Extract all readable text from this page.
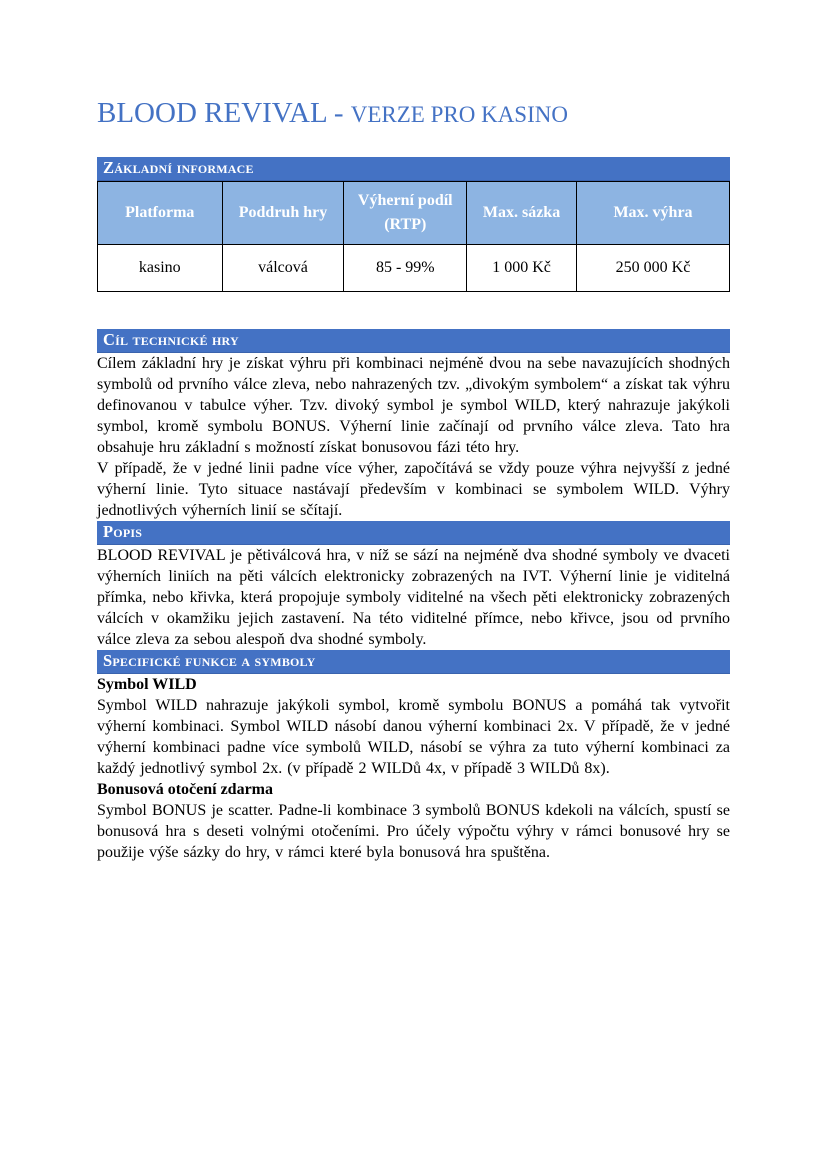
BLOOD REVIVAL - VERZE PRO KASINO
Základní informace
Platforma	Poddruh hry	Výherní podíl (RTP)	Max. sázka	Max. výhra
kasino	válcová	85 - 99%	1 000 Kč	250 000 Kč
Cíl technické hry

Cílem základní hry je získat výhru při kombinaci nejméně dvou na sebe navazujících shodných symbolů od prvního válce zleva, nebo nahrazených tzv. „divokým symbolem“ a získat tak výhru definovanou v tabulce výher. Tzv. divoký symbol je symbol WILD, který nahrazuje jakýkoli symbol, kromě symbolu BONUS. Výherní linie začínají od prvního válce zleva. Tato hra obsahuje hru základní s možností získat bonusovou fázi této hry.

V případě, že v jedné linii padne více výher, započítává se vždy pouze výhra nejvyšší z jedné výherní linie. Tyto situace nastávají především v kombinaci se symbolem WILD. Výhry jednotlivých výherních linií se sčítají.

Popis

BLOOD REVIVAL je pětiválcová hra, v níž se sází na nejméně dva shodné symboly ve dvaceti výherních liniích na pěti válcích elektronicky zobrazených na IVT. Výherní linie je viditelná přímka, nebo křivka, která propojuje symboly viditelné na všech pěti elektronicky zobrazených válcích v okamžiku jejich zastavení. Na této viditelné přímce, nebo křivce, jsou od prvního válce zleva za sebou alespoň dva shodné symboly.

Specifické funkce a symboly
Symbol WILD

Symbol WILD nahrazuje jakýkoli symbol, kromě symbolu BONUS a pomáhá tak vytvořit výherní kombinaci. Symbol WILD násobí danou výherní kombinaci 2x. V případě, že v jedné výherní kombinaci padne více symbolů WILD, násobí se výhra za tuto výherní kombinaci za každý jednotlivý symbol 2x. (v případě 2 WILDů 4x, v případě 3 WILDů 8x).

Bonusová otočení zdarma

Symbol BONUS je scatter. Padne-li kombinace 3 symbolů BONUS kdekoli na válcích, spustí se bonusová hra s deseti volnými otočeními. Pro účely výpočtu výhry v rámci bonusové hry se použije výše sázky do hry, v rámci které byla bonusová hra spuštěna.
